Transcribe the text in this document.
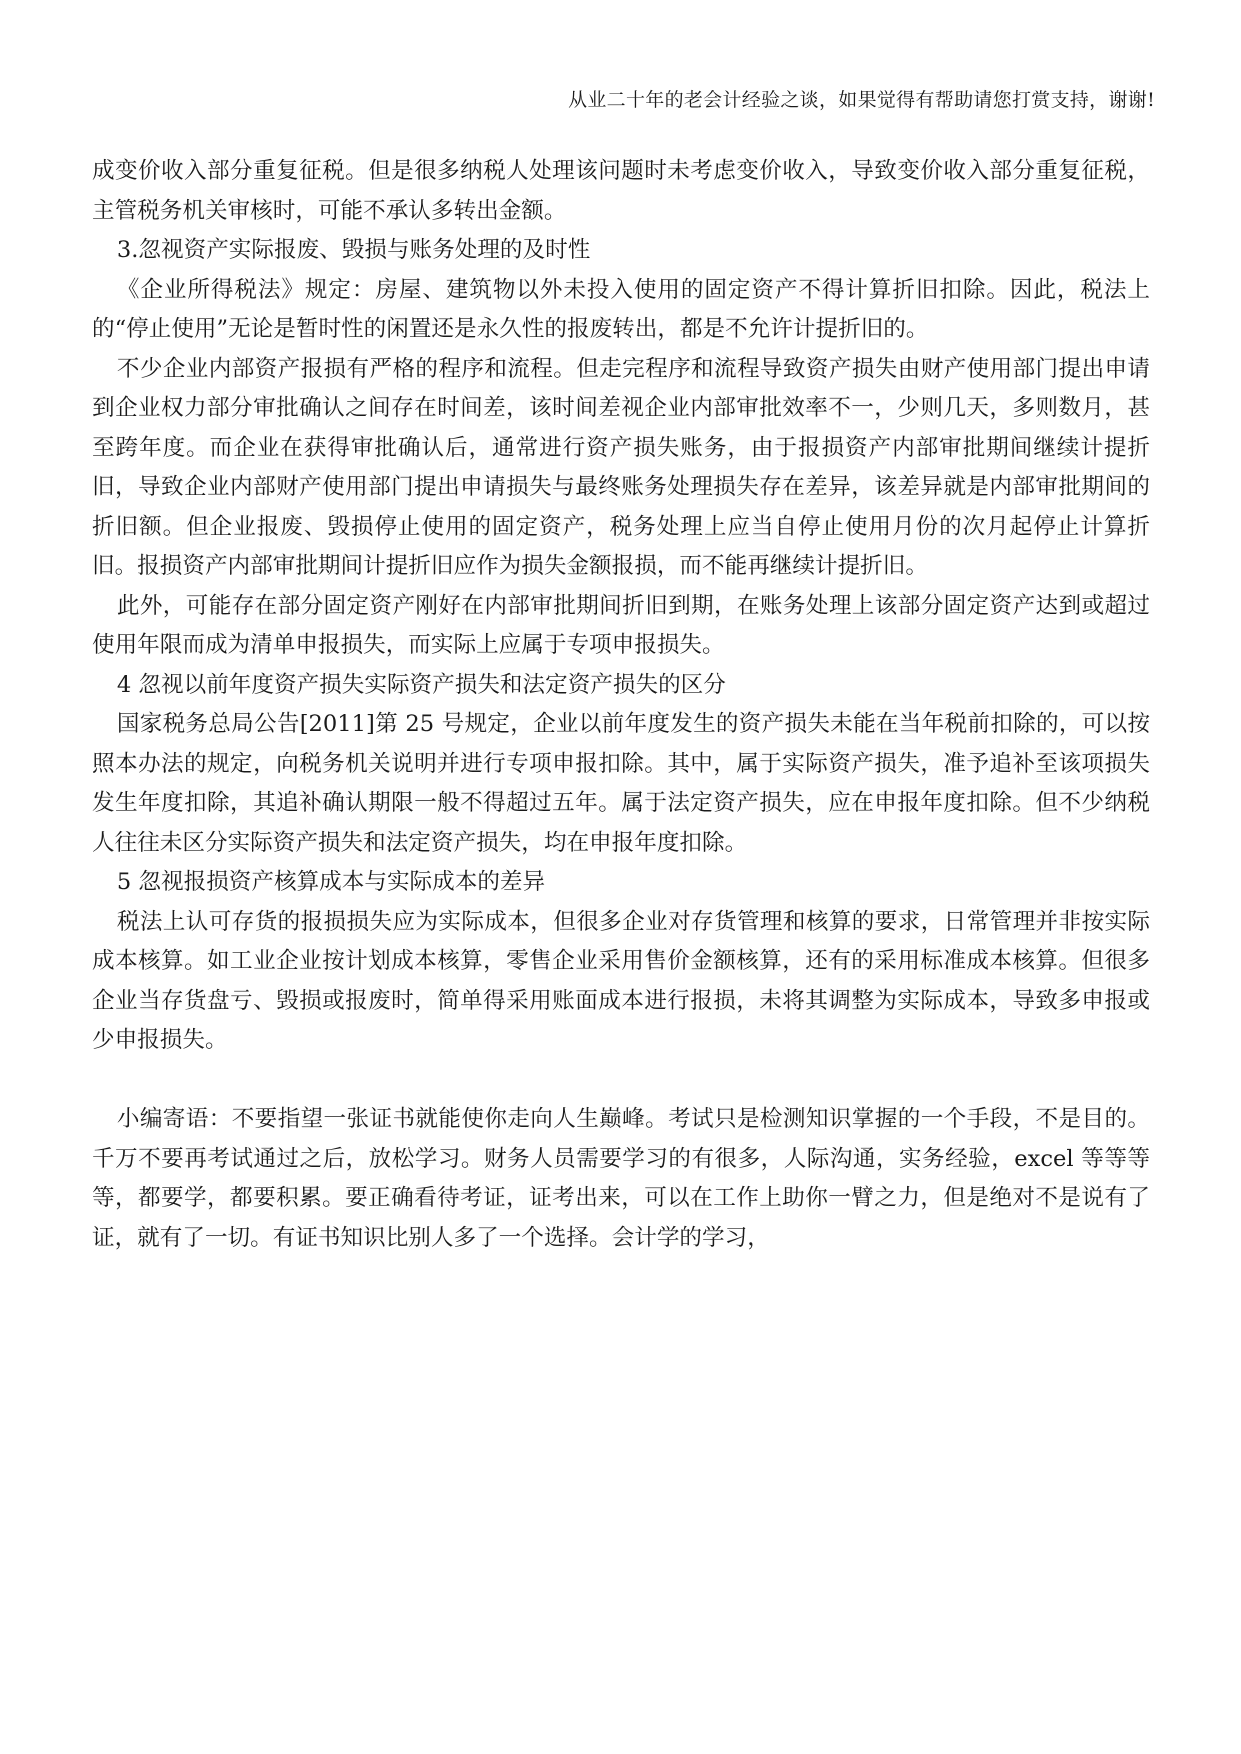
从业二十年的老会计经验之谈，如果觉得有帮助请您打赏支持，谢谢!

成变价收入部分重复征税。但是很多纳税人处理该问题时未考虑变价收入，导致变价收入部分重复征税，主管税务机关审核时，可能不承认多转出金额。

3.忽视资产实际报废、毁损与账务处理的及时性

《企业所得税法》规定：房屋、建筑物以外未投入使用的固定资产不得计算折旧扣除。因此，税法上的“停止使用”无论是暂时性的闲置还是永久性的报废转出，都是不允许计提折旧的。

不少企业内部资产报损有严格的程序和流程。但走完程序和流程导致资产损失由财产使用部门提出申请到企业权力部分审批确认之间存在时间差，该时间差视企业内部审批效率不一，少则几天，多则数月，甚至跨年度。而企业在获得审批确认后，通常进行资产损失账务，由于报损资产内部审批期间继续计提折旧，导致企业内部财产使用部门提出申请损失与最终账务处理损失存在差异，该差异就是内部审批期间的折旧额。但企业报废、毁损停止使用的固定资产，税务处理上应当自停止使用月份的次月起停止计算折旧。报损资产内部审批期间计提折旧应作为损失金额报损，而不能再继续计提折旧。

此外，可能存在部分固定资产刚好在内部审批期间折旧到期，在账务处理上该部分固定资产达到或超过使用年限而成为清单申报损失，而实际上应属于专项申报损失。

4 忽视以前年度资产损失实际资产损失和法定资产损失的区分

国家税务总局公告[2011]第 25 号规定，企业以前年度发生的资产损失未能在当年税前扣除的，可以按照本办法的规定，向税务机关说明并进行专项申报扣除。其中，属于实际资产损失，准予追补至该项损失发生年度扣除，其追补确认期限一般不得超过五年。属于法定资产损失，应在申报年度扣除。但不少纳税人往往未区分实际资产损失和法定资产损失，均在申报年度扣除。

5 忽视报损资产核算成本与实际成本的差异

税法上认可存货的报损损失应为实际成本，但很多企业对存货管理和核算的要求，日常管理并非按实际成本核算。如工业企业按计划成本核算，零售企业采用售价金额核算，还有的采用标准成本核算。但很多企业当存货盘亏、毁损或报废时，简单得采用账面成本进行报损，未将其调整为实际成本，导致多申报或少申报损失。

小编寄语：不要指望一张证书就能使你走向人生巅峰。考试只是检测知识掌握的一个手段，不是目的。千万不要再考试通过之后，放松学习。财务人员需要学习的有很多，人际沟通，实务经验，excel 等等等等，都要学，都要积累。要正确看待考证，证考出来，可以在工作上助你一臂之力，但是绝对不是说有了证，就有了一切。有证书知识比别人多了一个选择。会计学的学习，
